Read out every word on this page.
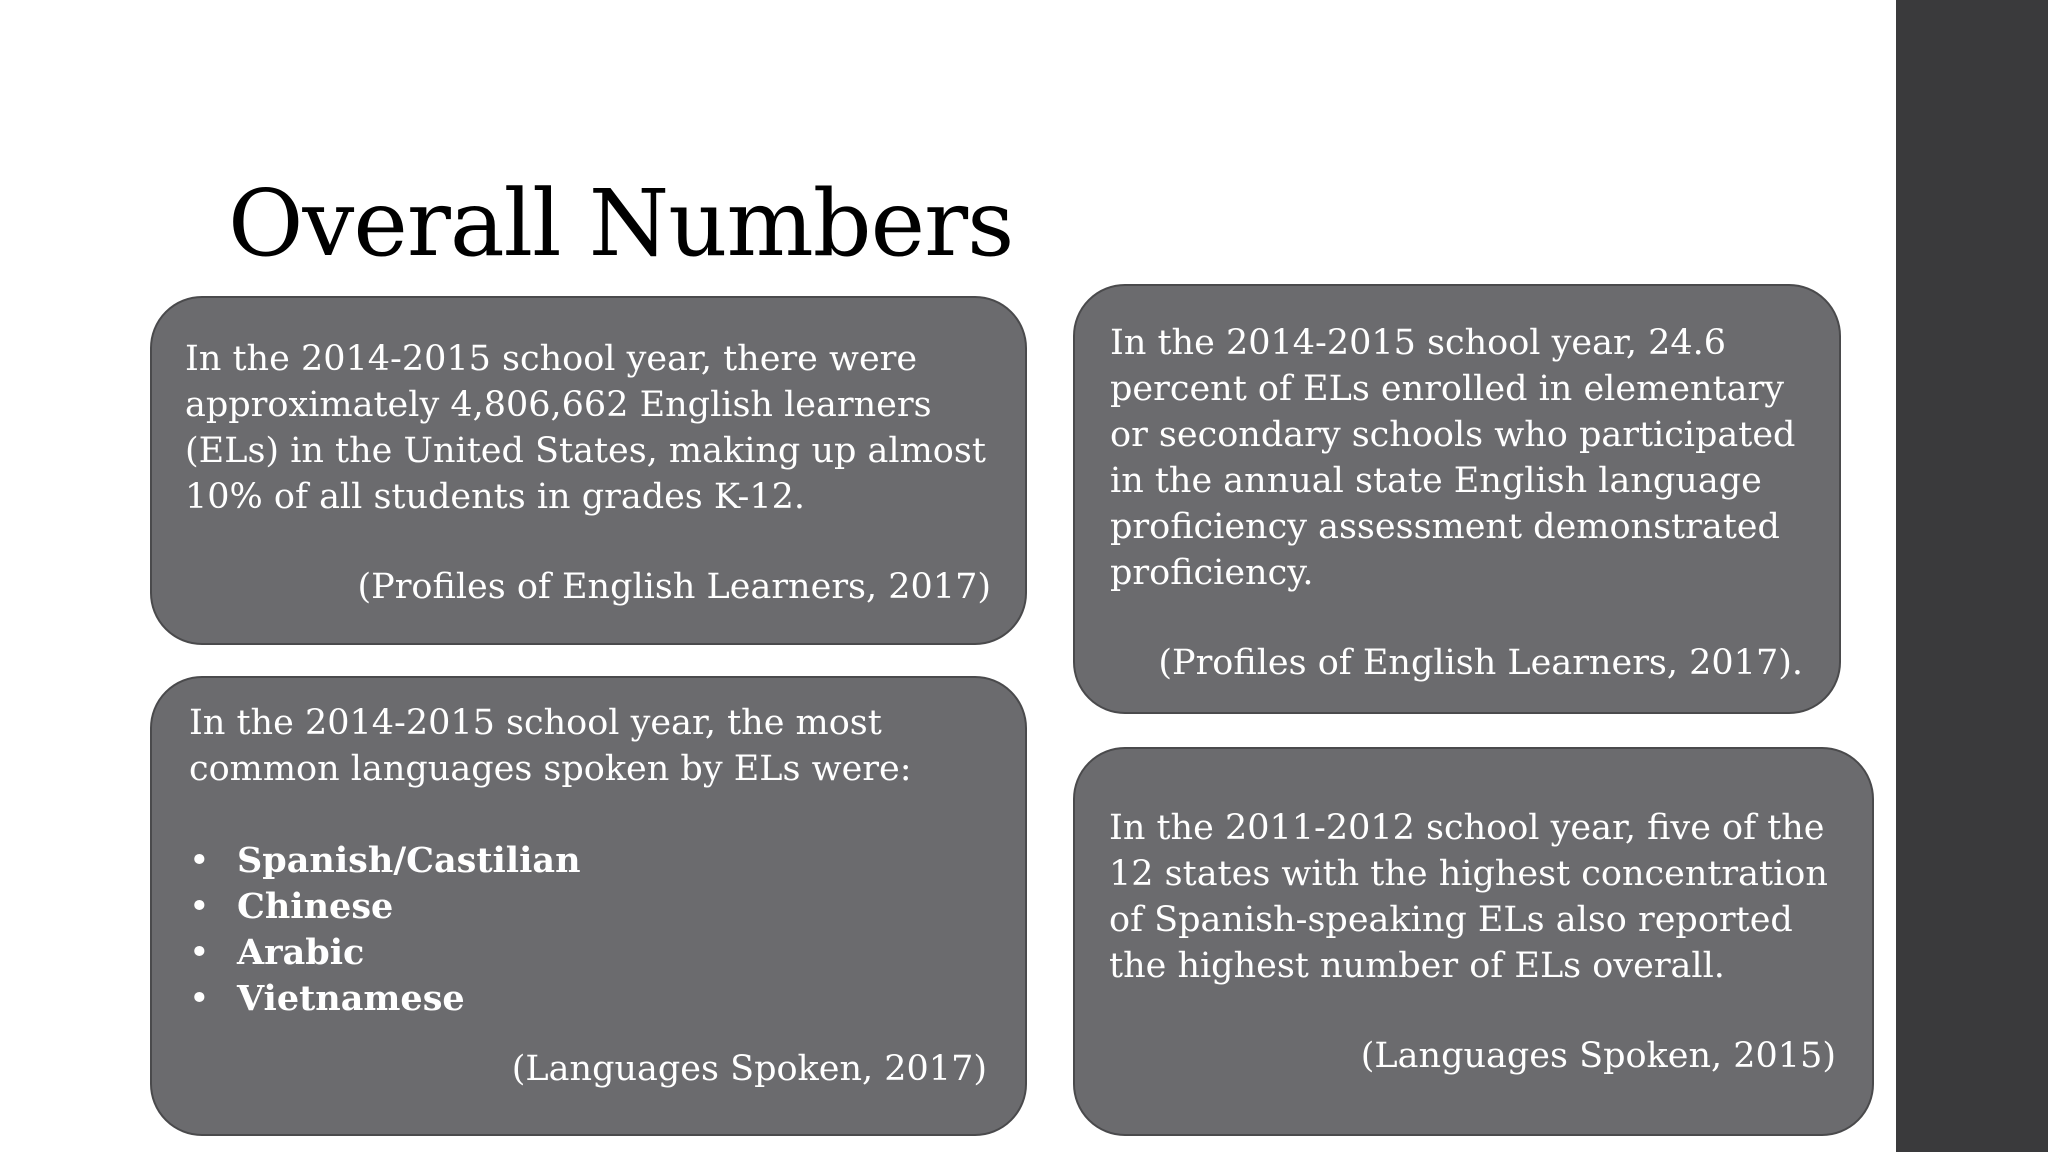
Overall Numbers

In the 2014-2015 school year, there were approximately 4,806,662 English learners (ELs) in the United States, making up almost 10% of all students in grades K-12.

(Profiles of English Learners, 2017)

In the 2014-2015 school year, 24.6 percent of ELs enrolled in elementary or secondary schools who participated in the annual state English language proficiency assessment demonstrated proficiency.

(Profiles of English Learners, 2017).

In the 2014-2015 school year, the most common languages spoken by ELs were:

• Spanish/Castilian
• Chinese
• Arabic
• Vietnamese

(Languages Spoken, 2017)

In the 2011-2012 school year, five of the 12 states with the highest concentration of Spanish-speaking ELs also reported the highest number of ELs overall.

(Languages Spoken, 2015)
